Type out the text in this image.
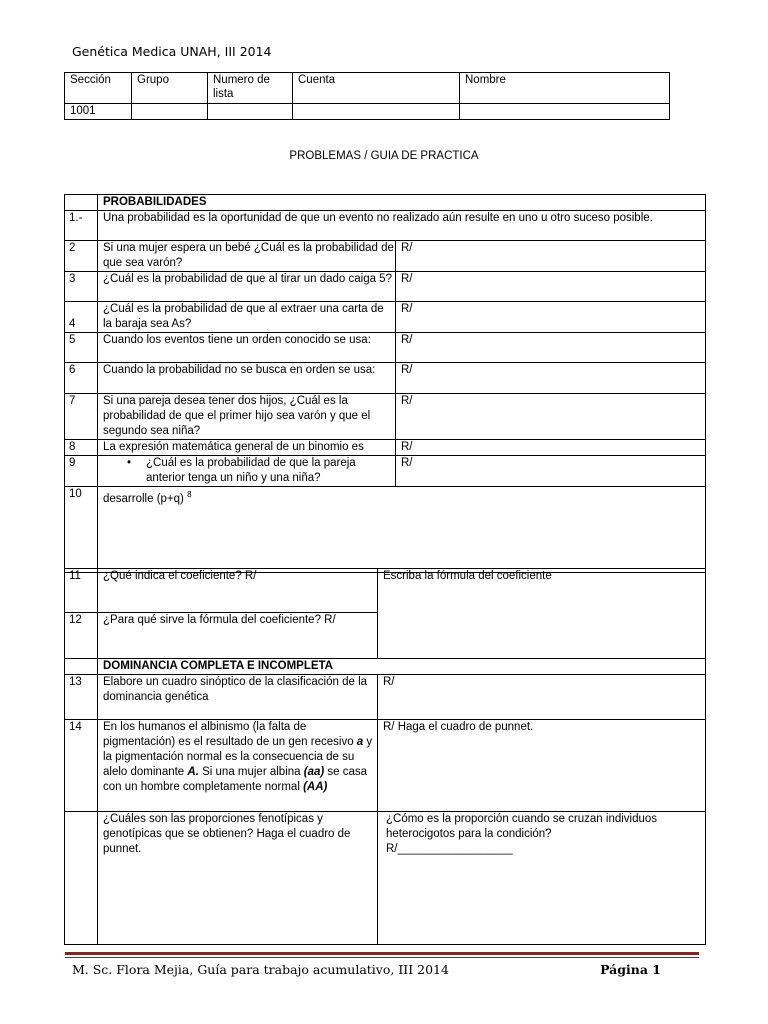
Genética Medica UNAH, III 2014
Sección	Grupo	Numero de lista	Cuenta	Nombre
1001				
PROBLEMAS / GUIA DE PRACTICA
	PROBABILIDADES	
1.-	Una probabilidad es la oportunidad de que un evento no realizado aún resulte en uno u otro suceso posible.	
2	Si una mujer espera un bebé ¿Cuál es la probabilidad de que sea varón?	R/
3	¿Cuál es la probabilidad de que al tirar un dado caiga 5?	R/
4	¿Cuál es la probabilidad de que al extraer una carta de la baraja sea As?	R/
5	Cuando los eventos tiene un orden conocido se usa:	R/
6	Cuando la probabilidad no se busca en orden se usa:	R/
7	Si una pareja desea tener dos hijos, ¿Cuál es la probabilidad de que el primer hijo sea varón y que el segundo sea niña?	R/
8	La expresión matemática general de un binomio es	R/
9	• ¿Cuál es la probabilidad de que la pareja anterior tenga un niño y una niña?	R/
10	desarrolle (p+q) $^8$
11	¿Qué indica el coeficiente? R/	Escriba la fórmula del coeficiente
12	¿Para qué sirve la fórmula del coeficiente? R/	
	DOMINANCIA COMPLETA E INCOMPLETA	
13	Elabore un cuadro sinóptico de la clasificación de la dominancia genética	R/
14	En los humanos el albinismo (la falta de pigmentación) es el resultado de un gen recesivo a y la pigmentación normal es la consecuencia de su alelo dominante A. Si una mujer albina (aa) se casa con un hombre completamente normal (AA)	R/ Haga el cuadro de punnet.
	¿Cuáles son las proporciones fenotípicas y genotípicas que se obtienen? Haga el cuadro de punnet.	¿Cómo es la proporción cuando se cruzan individuos heterocigotos para la condición?
R/__________________
M. Sc. Flora Mejia, Guía para trabajo acumulativo, III 2014	Página 1
